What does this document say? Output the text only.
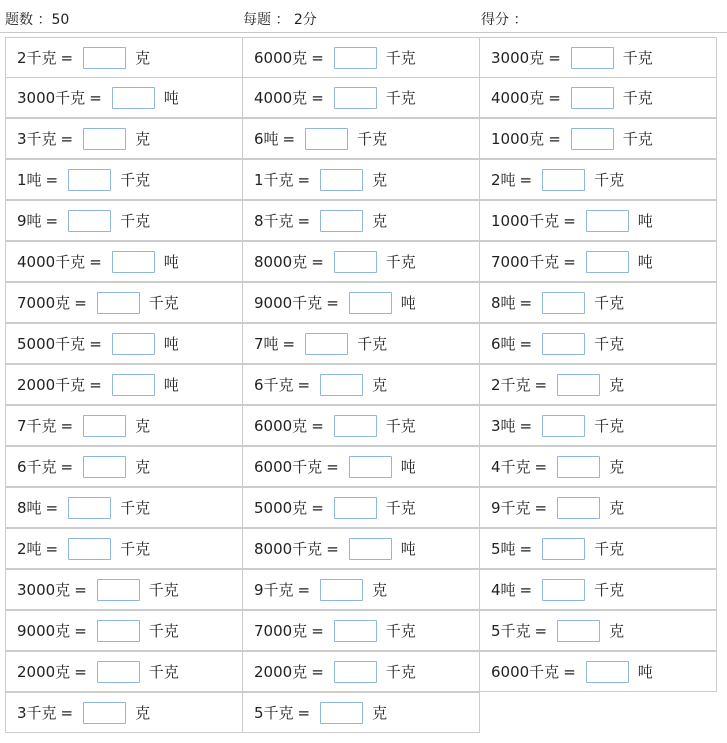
题数 ：50	每题 ： 2分	得分 ：
2千克 =	克	6000克 =	千克	3000克 =	千克
3000千克 =	吨	4000克 =	千克	4000克 =	千克
3千克 =	克	6吨 =	千克	1000克 =	千克
1吨 =	千克	1千克 =	克	2吨 =	千克
9吨 =	千克	8千克 =	克	1000千克 =	吨
4000千克 =	吨	8000克 =	千克	7000千克 =	吨
7000克 =	千克	9000千克 =	吨	8吨 =	千克
5000千克 =	吨	7吨 =	千克	6吨 =	千克
2000千克 =	吨	6千克 =	克	2千克 =	克
7千克 =	克	6000克 =	千克	3吨 =	千克
6千克 =	克	6000千克 =	吨	4千克 =	克
8吨 =	千克	5000克 =	千克	9千克 =	克
2吨 =	千克	8000千克 =	吨	5吨 =	千克
3000克 =	千克	9千克 =	克	4吨 =	千克
9000克 =	千克	7000克 =	千克	5千克 =	克
2000克 =	千克	2000克 =	千克	6000千克 =	吨
3千克 =	克	5千克 =	克
